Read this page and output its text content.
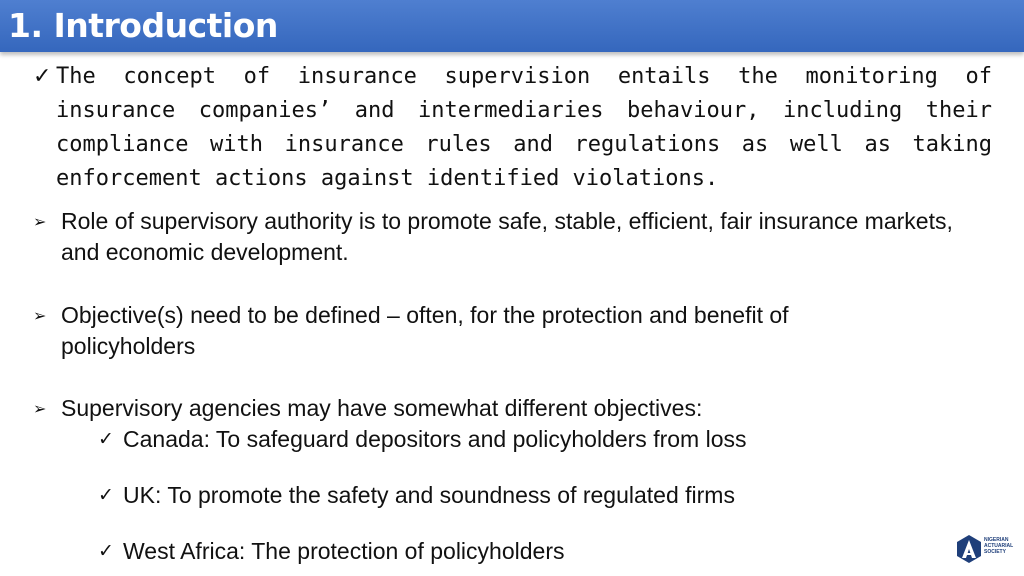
1. Introduction
✓ The concept of insurance supervision entails the monitoring of insurance companies’ and intermediaries behaviour, including their compliance with insurance rules and regulations as well as taking enforcement actions against identified violations.
➢ Role of supervisory authority is to promote safe, stable, efficient, fair insurance markets, and economic development.
➢ Objective(s) need to be defined – often, for the protection and benefit of policyholders
➢ Supervisory agencies may have somewhat different objectives:
✓ Canada: To safeguard depositors and policyholders from loss
✓ UK: To promote the safety and soundness of regulated firms
✓ West Africa: The protection of policyholders	NIGERIAN ACTUARIAL SOCIETY
